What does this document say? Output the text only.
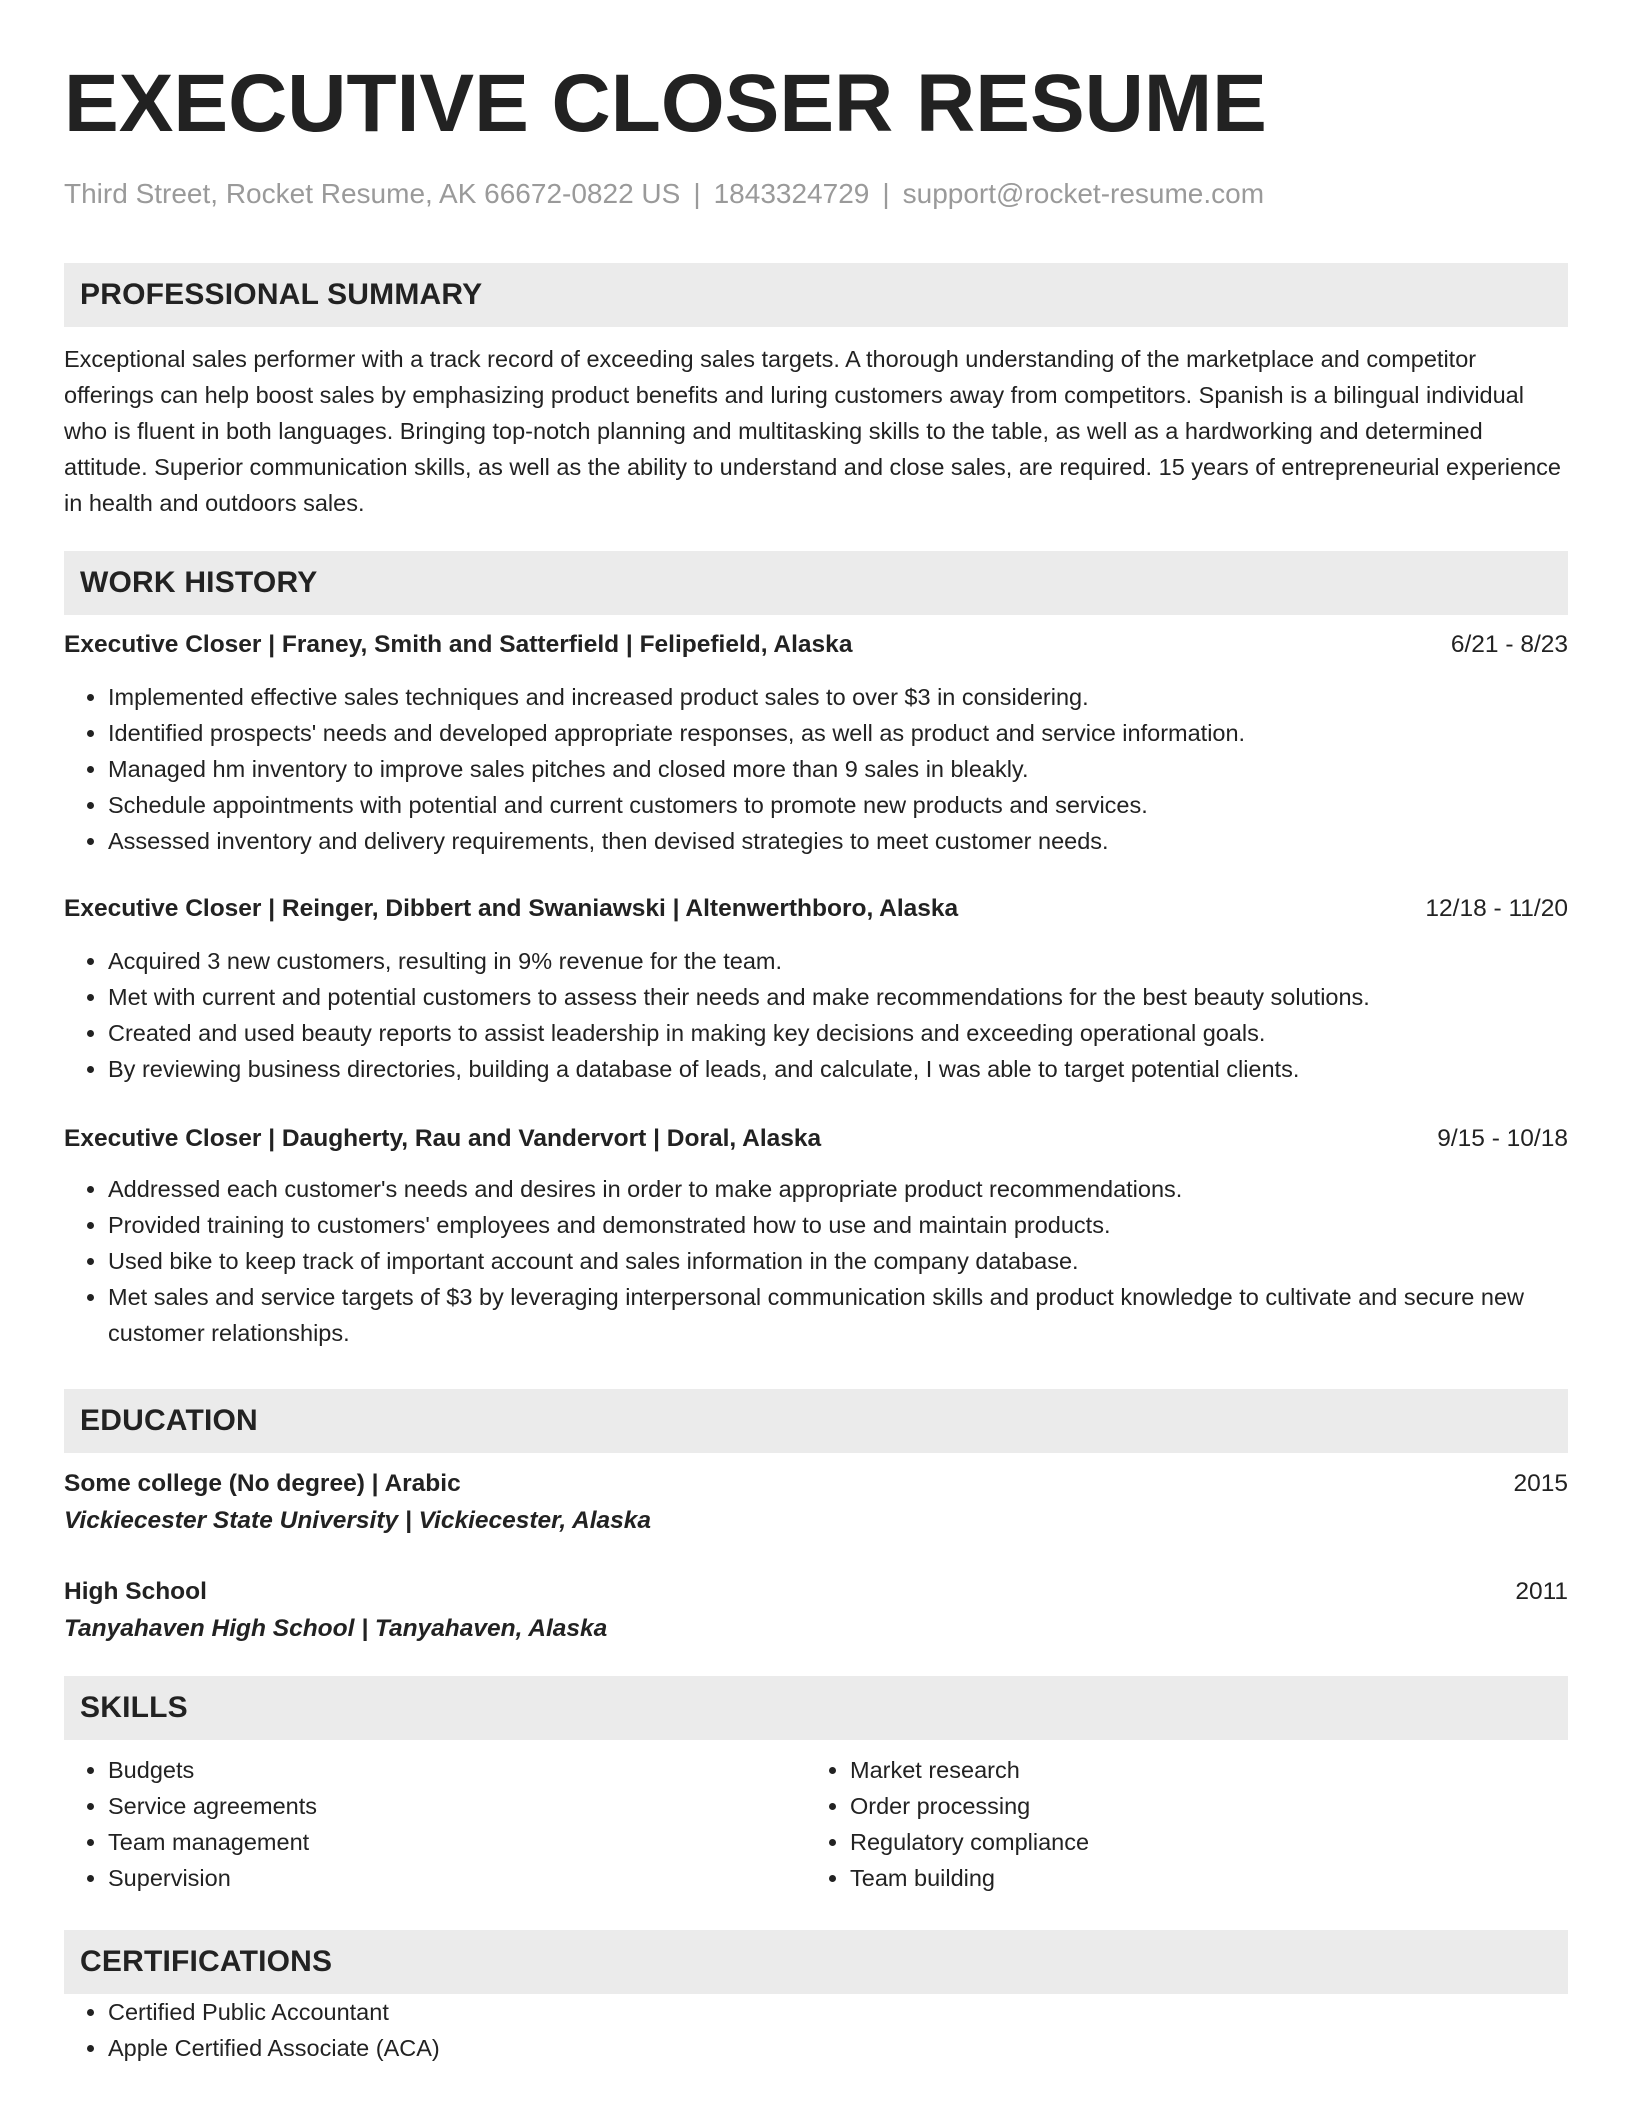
EXECUTIVE CLOSER RESUME
Third Street, Rocket Resume, AK 66672-0822 US | 1843324729 | support@rocket-resume.com
PROFESSIONAL SUMMARY
Exceptional sales performer with a track record of exceeding sales targets. A thorough understanding of the marketplace and competitor offerings can help boost sales by emphasizing product benefits and luring customers away from competitors. Spanish is a bilingual individual who is fluent in both languages. Bringing top-notch planning and multitasking skills to the table, as well as a hardworking and determined attitude. Superior communication skills, as well as the ability to understand and close sales, are required. 15 years of entrepreneurial experience in health and outdoors sales.
WORK HISTORY
Executive Closer | Franey, Smith and Satterfield | Felipefield, Alaska	6/21 - 8/23
• Implemented effective sales techniques and increased product sales to over $3 in considering.
• Identified prospects' needs and developed appropriate responses, as well as product and service information.
• Managed hm inventory to improve sales pitches and closed more than 9 sales in bleakly.
• Schedule appointments with potential and current customers to promote new products and services.
• Assessed inventory and delivery requirements, then devised strategies to meet customer needs.
Executive Closer | Reinger, Dibbert and Swaniawski | Altenwerthboro, Alaska	12/18 - 11/20
• Acquired 3 new customers, resulting in 9% revenue for the team.
• Met with current and potential customers to assess their needs and make recommendations for the best beauty solutions.
• Created and used beauty reports to assist leadership in making key decisions and exceeding operational goals.
• By reviewing business directories, building a database of leads, and calculate, I was able to target potential clients.
Executive Closer | Daugherty, Rau and Vandervort | Doral, Alaska	9/15 - 10/18
• Addressed each customer's needs and desires in order to make appropriate product recommendations.
• Provided training to customers' employees and demonstrated how to use and maintain products.
• Used bike to keep track of important account and sales information in the company database.
• Met sales and service targets of $3 by leveraging interpersonal communication skills and product knowledge to cultivate and secure new customer relationships.
EDUCATION
Some college (No degree) | Arabic	2015
Vickiecester State University | Vickiecester, Alaska
High School	2011
Tanyahaven High School | Tanyahaven, Alaska
SKILLS
• Budgets
• Service agreements
• Team management
• Supervision
• Market research
• Order processing
• Regulatory compliance
• Team building
CERTIFICATIONS
• Certified Public Accountant
• Apple Certified Associate (ACA)
